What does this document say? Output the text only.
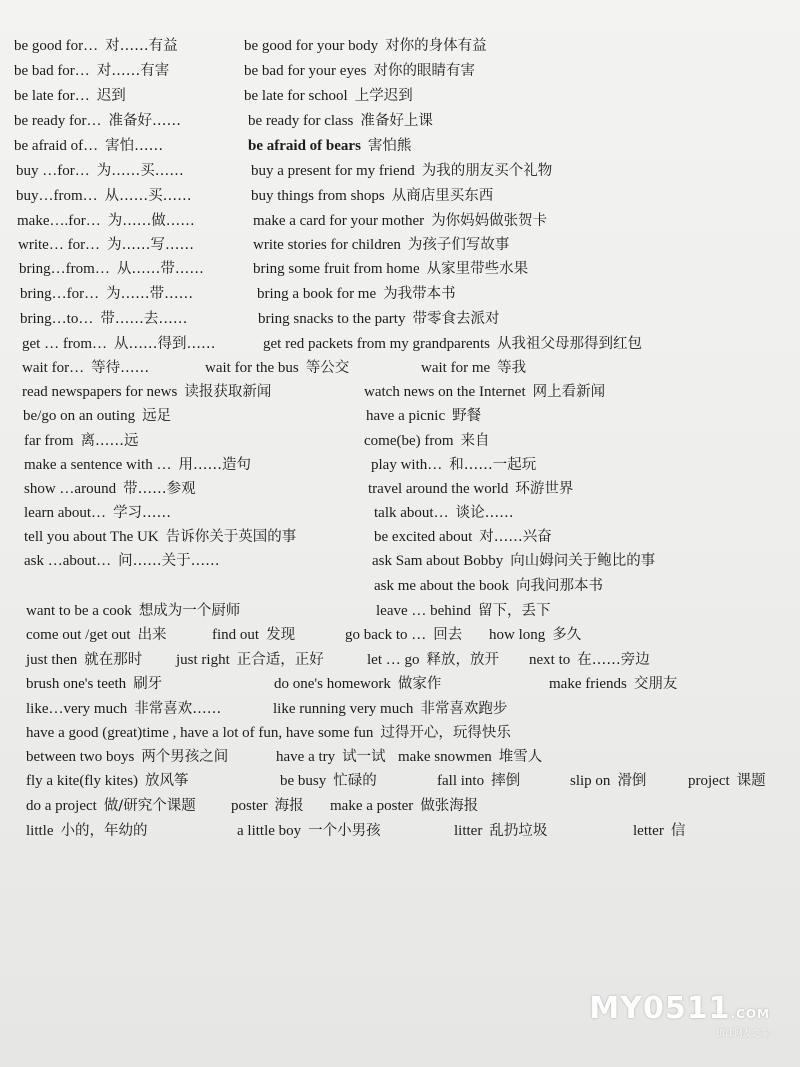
MY0511.COM
镇江网友之家
be good for… 对……有益	be good for your body 对你的身体有益
be bad for… 对……有害	be bad for your eyes 对你的眼睛有害
be late for… 迟到	be late for school 上学迟到
be ready for… 准备好……	be ready for class 准备好上课
be afraid of… 害怕……	be afraid of bears 害怕熊
buy …for… 为……买……	buy a present for my friend 为我的朋友买个礼物
buy…from… 从……买……	buy things from shops 从商店里买东西
make….for… 为……做……	make a card for your mother 为你妈妈做张贺卡
write… for… 为……写……	write stories for children 为孩子们写故事
bring…from… 从……带……	bring some fruit from home 从家里带些水果
bring…for… 为……带……	bring a book for me 为我带本书
bring…to… 带……去……	bring snacks to the party 带零食去派对
get … from… 从……得到……	get red packets from my grandparents 从我祖父母那得到红包
wait for… 等待……	wait for the bus 等公交	wait for me 等我
read newspapers for news 读报获取新闻	watch news on the Internet 网上看新闻
be/go on an outing 远足	have a picnic 野餐
far from 离……远	come(be) from 来自
make a sentence with … 用……造句	play with… 和……一起玩
show …around 带……参观	travel around the world 环游世界
learn about… 学习……	talk about… 谈论……
tell you about The UK 告诉你关于英国的事	be excited about 对……兴奋
ask …about… 问……关于……	ask Sam about Bobby 向山姆问关于鲍比的事
ask me about the book 向我问那本书
want to be a cook 想成为一个厨师	leave … behind 留下，丢下
come out /get out 出来	find out 发现	go back to … 回去 how long 多久
just then 就在那时 just right 正合适，正好	let … go 释放，放开 next to 在……旁边
brush one's teeth 刷牙	do one's homework 做家作	make friends 交朋友
like…very much 非常喜欢……	like running very much 非常喜欢跑步
have a good (great)time , have a lot of fun, have some fun 过得开心，玩得快乐
between two boys 两个男孩之间	have a try 试一试 make snowmen 堆雪人
fly a kite(fly kites) 放风筝	be busy 忙碌的	fall into 摔倒	slip on 滑倒	project 课题
do a project 做/研究个课题 poster 海报 make a poster 做张海报
little 小的，年幼的	a little boy 一个小男孩	litter 乱扔垃圾	letter 信
